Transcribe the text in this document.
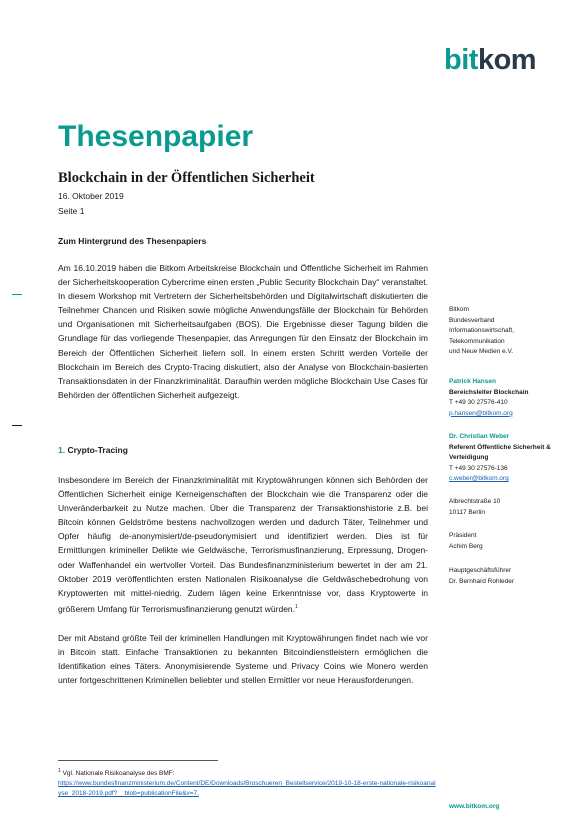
bitkom
Thesenpapier
Blockchain in der Öffentlichen Sicherheit
16. Oktober 2019
Seite 1
Zum Hintergrund des Thesenpapiers

Am 16.10.2019 haben die Bitkom Arbeitskreise Blockchain und Öffentliche Sicherheit im Rahmen der Sicherheitskooperation Cybercrime einen ersten „Public Security Blockchain Day“ veranstaltet. In diesem Workshop mit Vertretern der Sicherheitsbehörden und Digitalwirtschaft diskutierten die Teilnehmer Chancen und Risiken sowie mögliche Anwendungsfälle der Blockchain für Behörden und Organisationen mit Sicherheitsaufgaben (BOS). Die Ergebnisse dieser Tagung bilden die Grundlage für das vorliegende Thesenpapier, das Anregungen für den Einsatz der Blockchain im Bereich der Öffentlichen Sicherheit liefern soll. In einem ersten Schritt werden Vorteile der Blockchain im Bereich des Crypto-Tracing diskutiert, also der Analyse von Blockchain-basierten Transaktionsdaten in der Finanzkriminalität. Daraufhin werden mögliche Blockchain Use Cases für Behörden der öffentlichen Sicherheit aufgezeigt.

1. Crypto-Tracing

Insbesondere im Bereich der Finanzkriminalität mit Kryptowährungen können sich Behörden der Öffentlichen Sicherheit einige Kerneigenschaften der Blockchain wie die Transparenz oder die Unveränderbarkeit zu Nutze machen. Über die Transparenz der Transaktionshistorie z.B. bei Bitcoin können Geldströme bestens nachvollzogen werden und dadurch Täter, Teilnehmer und Opfer häufig de-anonymisiert/de-pseudonymisiert und identifiziert werden. Dies ist für Ermittlungen krimineller Delikte wie Geldwäsche, Terrorismusfinanzierung, Erpressung, Drogen- oder Waffenhandel ein wertvoller Vorteil. Das Bundesfinanzministerium bewertet in der am 21. Oktober 2019 veröffentlichten ersten Nationalen Risikoanalyse die Geldwäschebedrohung von Kryptowerten mit mittel-niedrig. Zudem lägen keine Erkenntnisse vor, dass Kryptowerte in größerem Umfang für Terrorismusfinanzierung genutzt würden.$^1$

Der mit Abstand größte Teil der kriminellen Handlungen mit Kryptowährungen findet nach wie vor in Bitcoin statt. Einfache Transaktionen zu bekannten Bitcoindienstleistern ermöglichen die Identifikation eines Täters. Anonymisierende Systeme und Privacy Coins wie Monero werden unter fortgeschrittenen Kriminellen beliebter und stellen Ermittler vor neue Herausforderungen.

Bitkom
Bundesverband
Informationswirtschaft,
Telekommunikation
und Neue Medien e.V.
Patrick Hansen
Bereichsleiter Blockchain
T +49 30 27576-410
p.hansen@bitkom.org
Dr. Christian Weber
Referent Öffentliche Sicherheit & Verteidigung
T +49 30 27576-136
c.weber@bitkom.org
Albrechtstraße 10
10117 Berlin
Präsident
Achim Berg
Hauptgeschäftsführer
Dr. Bernhard Rohleder
$^1$ Vgl. Nationale Risikoanalyse des BMF:
https://www.bundesfinanzministerium.de/Content/DE/Downloads/Broschueren_Bestellservice/2019-10-18-erste-nationale-risikoanalyse_2018-2019.pdf?__blob=publicationFile&v=7.
www.bitkom.org
